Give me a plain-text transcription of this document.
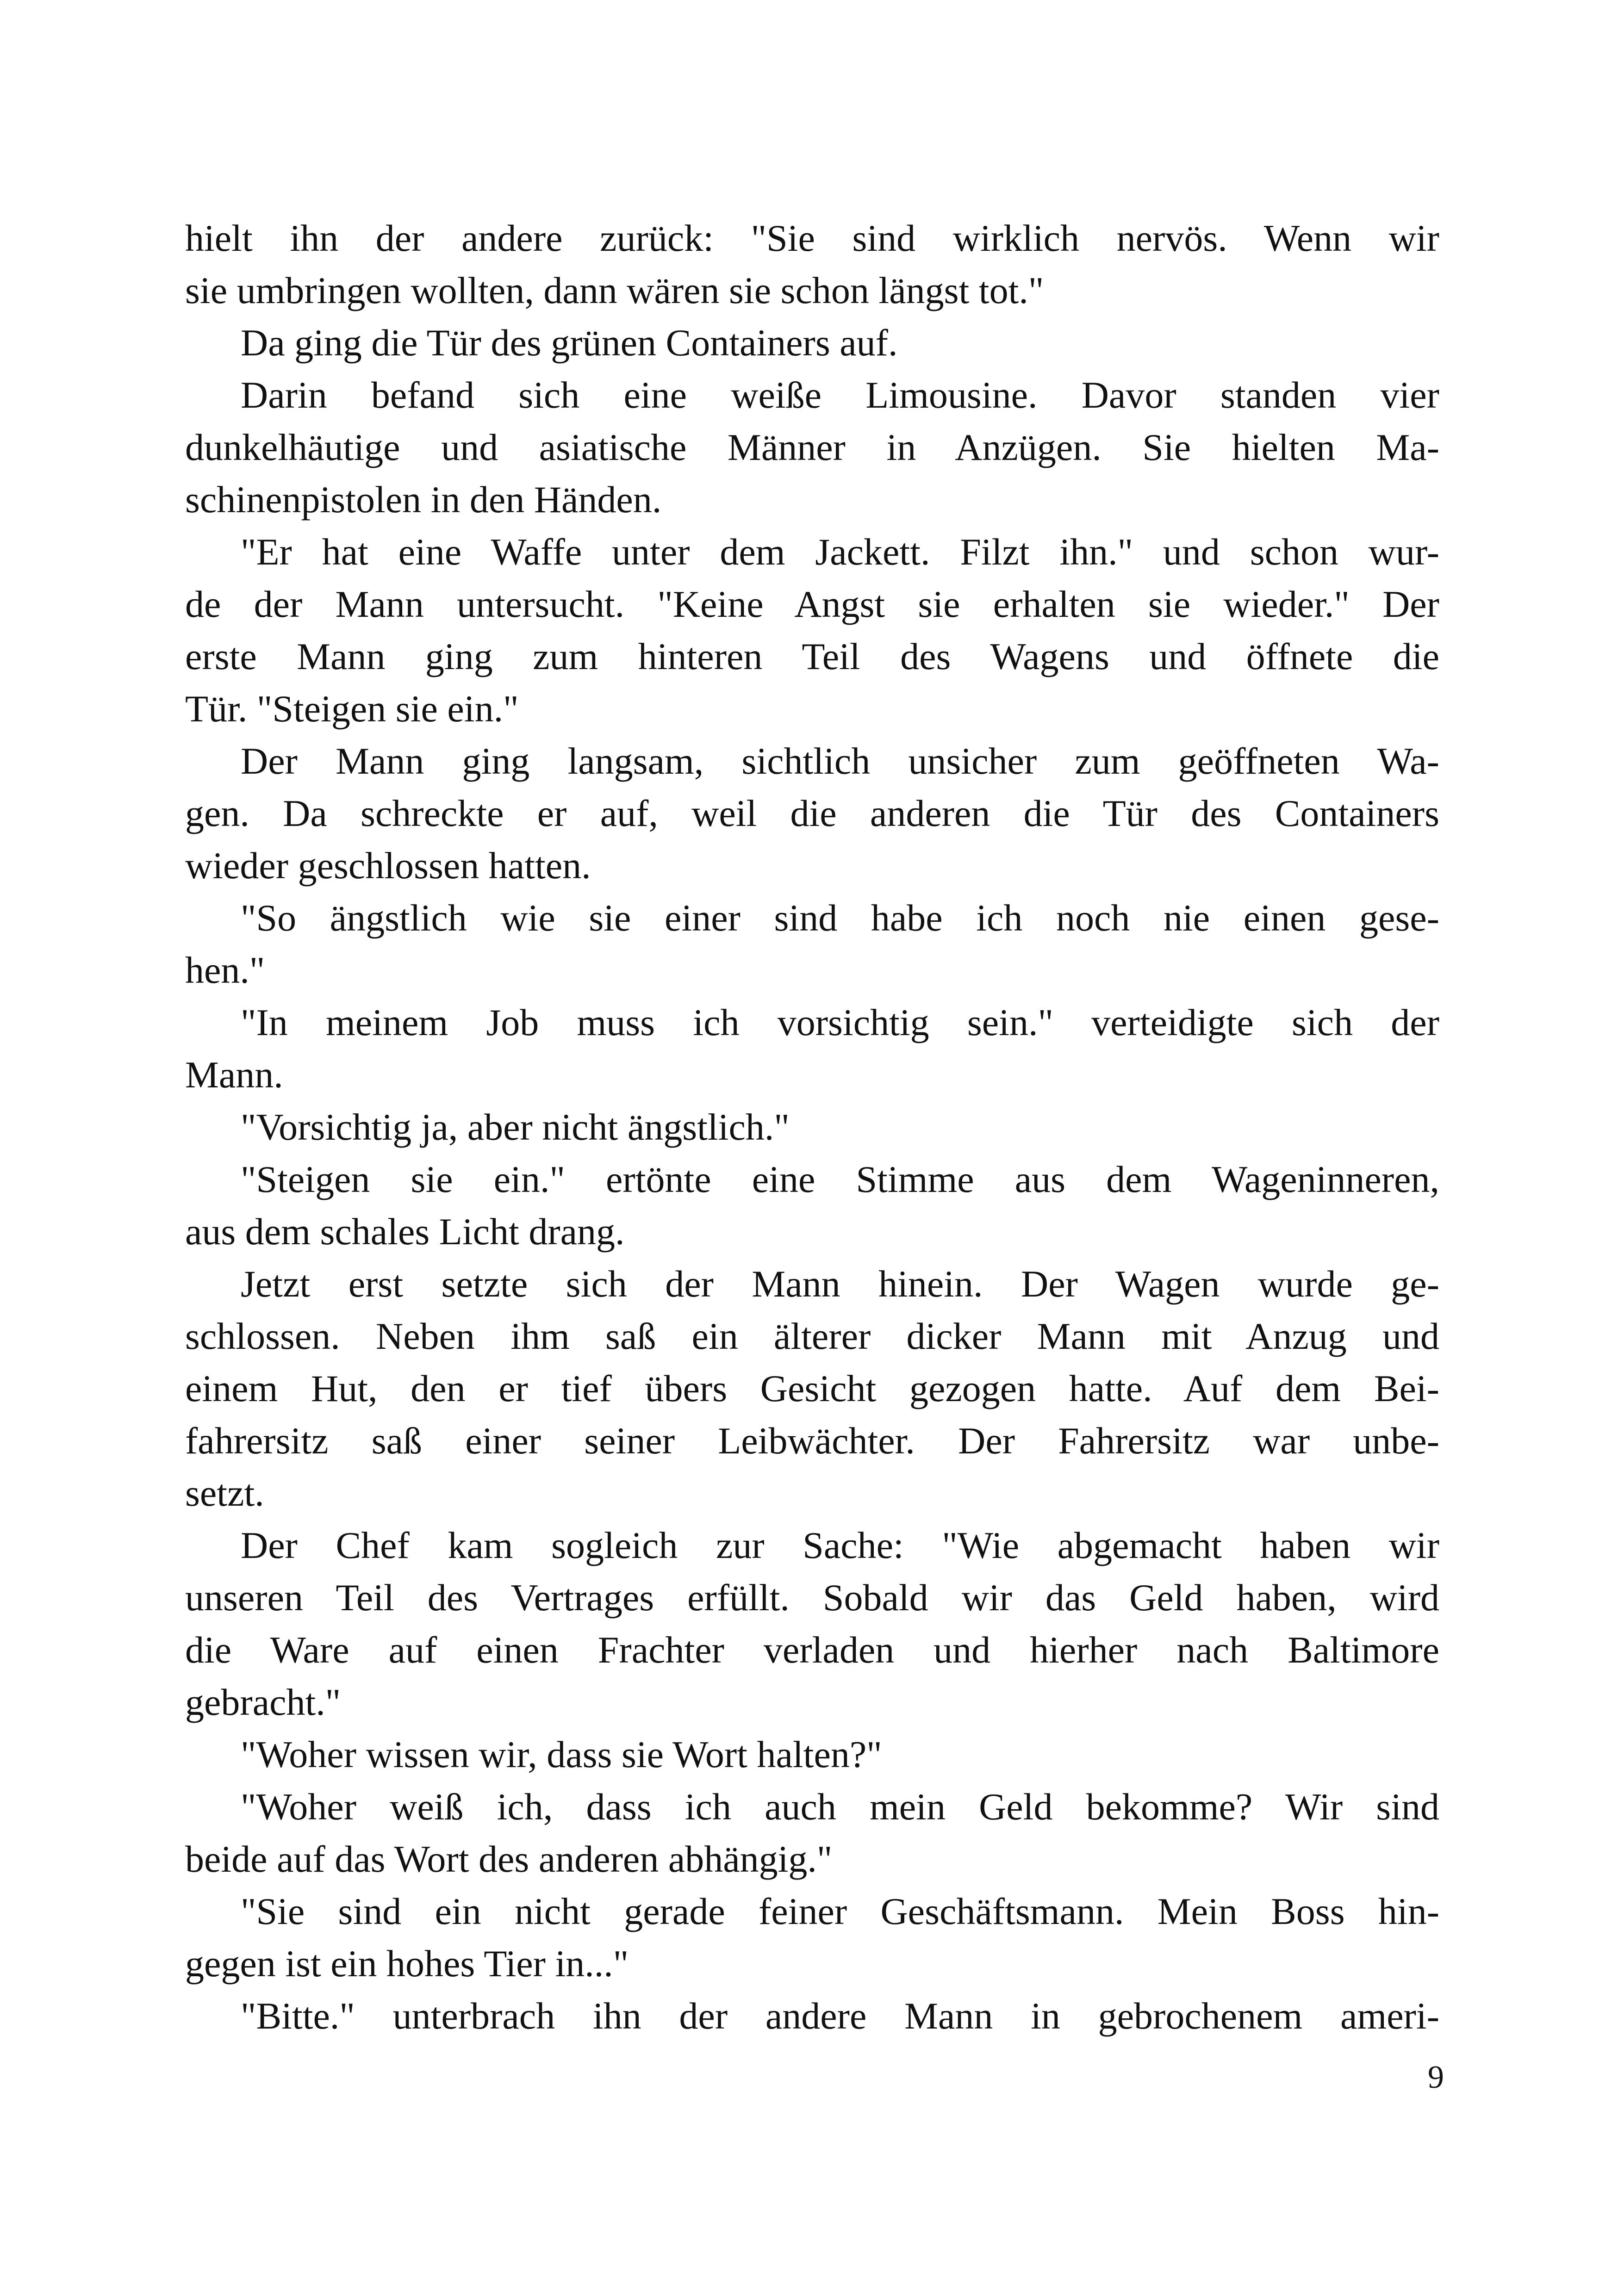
hielt ihn der andere zurück: "Sie sind wirklich nervös. Wenn wir
sie umbringen wollten, dann wären sie schon längst tot."
Da ging die Tür des grünen Containers auf.
Darin befand sich eine weiße Limousine. Davor standen vier
dunkelhäutige und asiatische Männer in Anzügen. Sie hielten Ma-
schinenpistolen in den Händen.
"Er hat eine Waffe unter dem Jackett. Filzt ihn." und schon wur-
de der Mann untersucht. "Keine Angst sie erhalten sie wieder." Der
erste Mann ging zum hinteren Teil des Wagens und öffnete die
Tür. "Steigen sie ein."
Der Mann ging langsam, sichtlich unsicher zum geöffneten Wa-
gen. Da schreckte er auf, weil die anderen die Tür des Containers
wieder geschlossen hatten.
"So ängstlich wie sie einer sind habe ich noch nie einen gese-
hen."
"In meinem Job muss ich vorsichtig sein." verteidigte sich der
Mann.
"Vorsichtig ja, aber nicht ängstlich."
"Steigen sie ein." ertönte eine Stimme aus dem Wageninneren,
aus dem schales Licht drang.
Jetzt erst setzte sich der Mann hinein. Der Wagen wurde ge-
schlossen. Neben ihm saß ein älterer dicker Mann mit Anzug und
einem Hut, den er tief übers Gesicht gezogen hatte. Auf dem Bei-
fahrersitz saß einer seiner Leibwächter. Der Fahrersitz war unbe-
setzt.
Der Chef kam sogleich zur Sache: "Wie abgemacht haben wir
unseren Teil des Vertrages erfüllt. Sobald wir das Geld haben, wird
die Ware auf einen Frachter verladen und hierher nach Baltimore
gebracht."
"Woher wissen wir, dass sie Wort halten?"
"Woher weiß ich, dass ich auch mein Geld bekomme? Wir sind
beide auf das Wort des anderen abhängig."
"Sie sind ein nicht gerade feiner Geschäftsmann. Mein Boss hin-
gegen ist ein hohes Tier in..."
"Bitte." unterbrach ihn der andere Mann in gebrochenem ameri-
9
